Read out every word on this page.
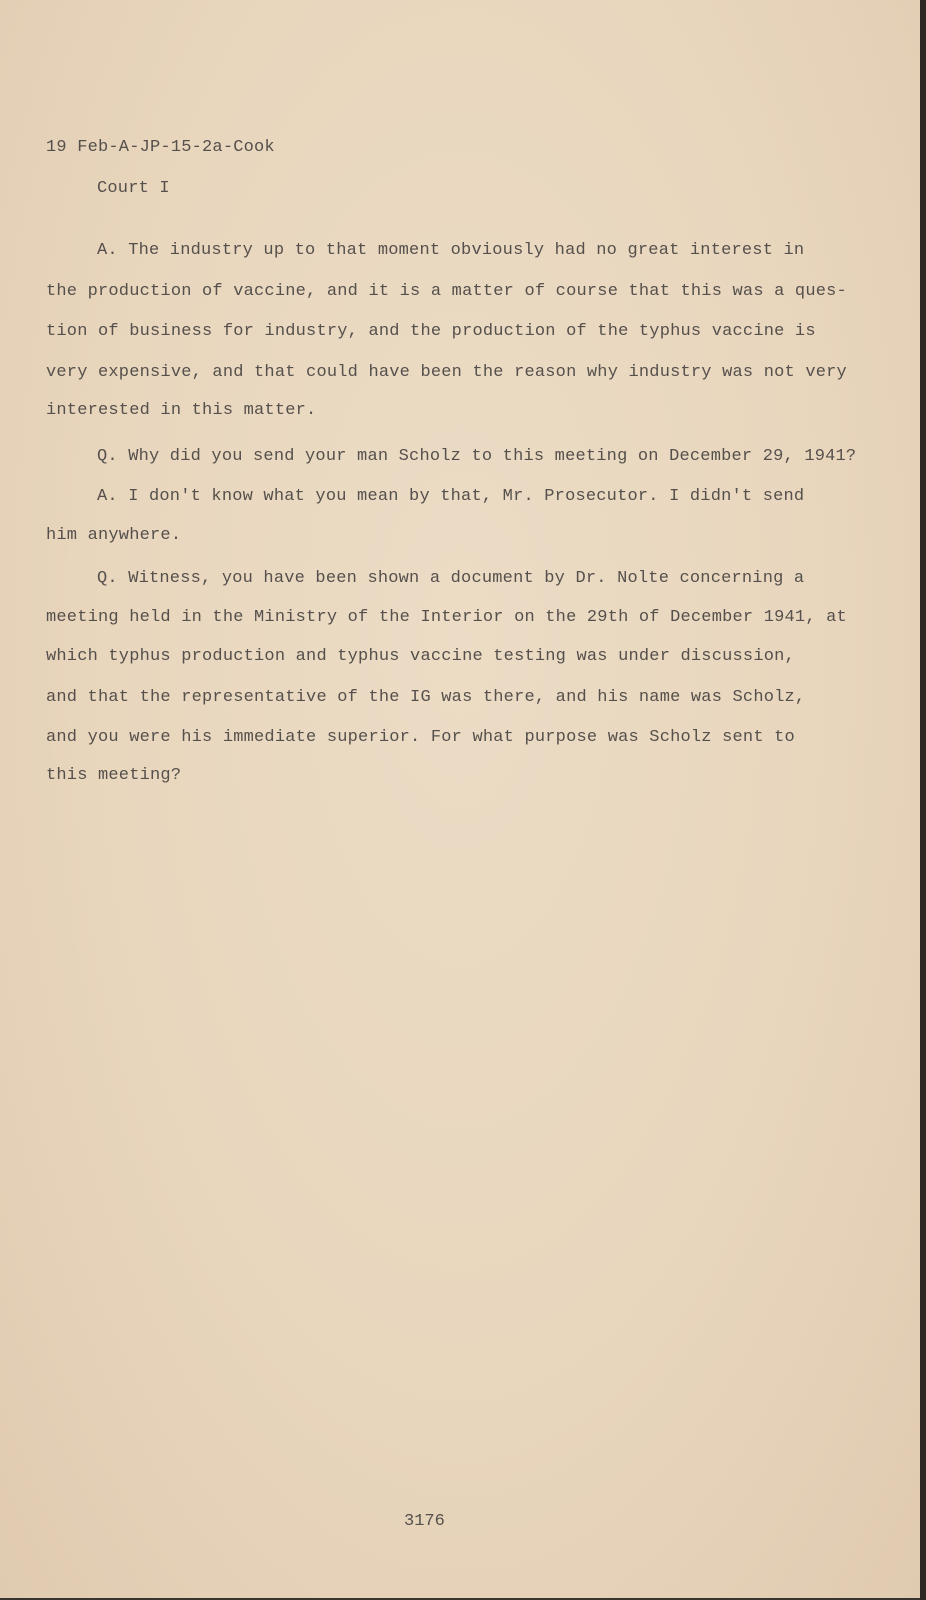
19 Feb-A-JP-15-2a-Cook
Court I
A. The industry up to that moment obviously had no great interest in
the production of vaccine, and it is a matter of course that this was a ques-
tion of business for industry, and the production of the typhus vaccine is
very expensive, and that could have been the reason why industry was not very
interested in this matter.
Q. Why did you send your man Scholz to this meeting on December 29, 1941?
A. I don't know what you mean by that, Mr. Prosecutor. I didn't send
him anywhere.
Q. Witness, you have been shown a document by Dr. Nolte concerning a
meeting held in the Ministry of the Interior on the 29th of December 1941, at
which typhus production and typhus vaccine testing was under discussion,
and that the representative of the IG was there, and his name was Scholz,
and you were his immediate superior. For what purpose was Scholz sent to
this meeting?
3176
